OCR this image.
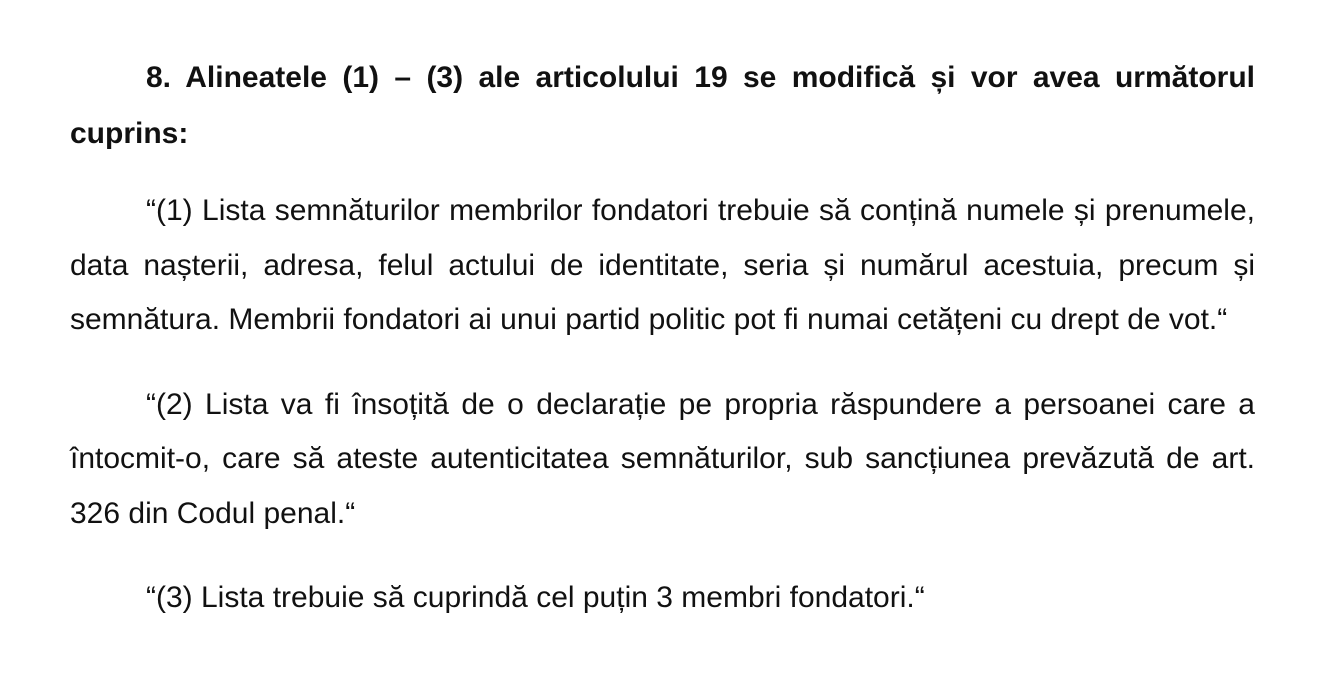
8. Alineatele (1) – (3) ale articolului 19 se modifică și vor avea următorul cuprins:

“(1) Lista semnăturilor membrilor fondatori trebuie să conțină numele și prenumele, data nașterii, adresa, felul actului de identitate, seria și numărul acestuia, precum și semnătura. Membrii fondatori ai unui partid politic pot fi numai cetățeni cu drept de vot.“

“(2) Lista va fi însoțită de o declarație pe propria răspundere a persoanei care a întocmit-o, care să ateste autenticitatea semnăturilor, sub sancțiunea prevăzută de art. 326 din Codul penal.“

“(3) Lista trebuie să cuprindă cel puțin 3 membri fondatori.“
